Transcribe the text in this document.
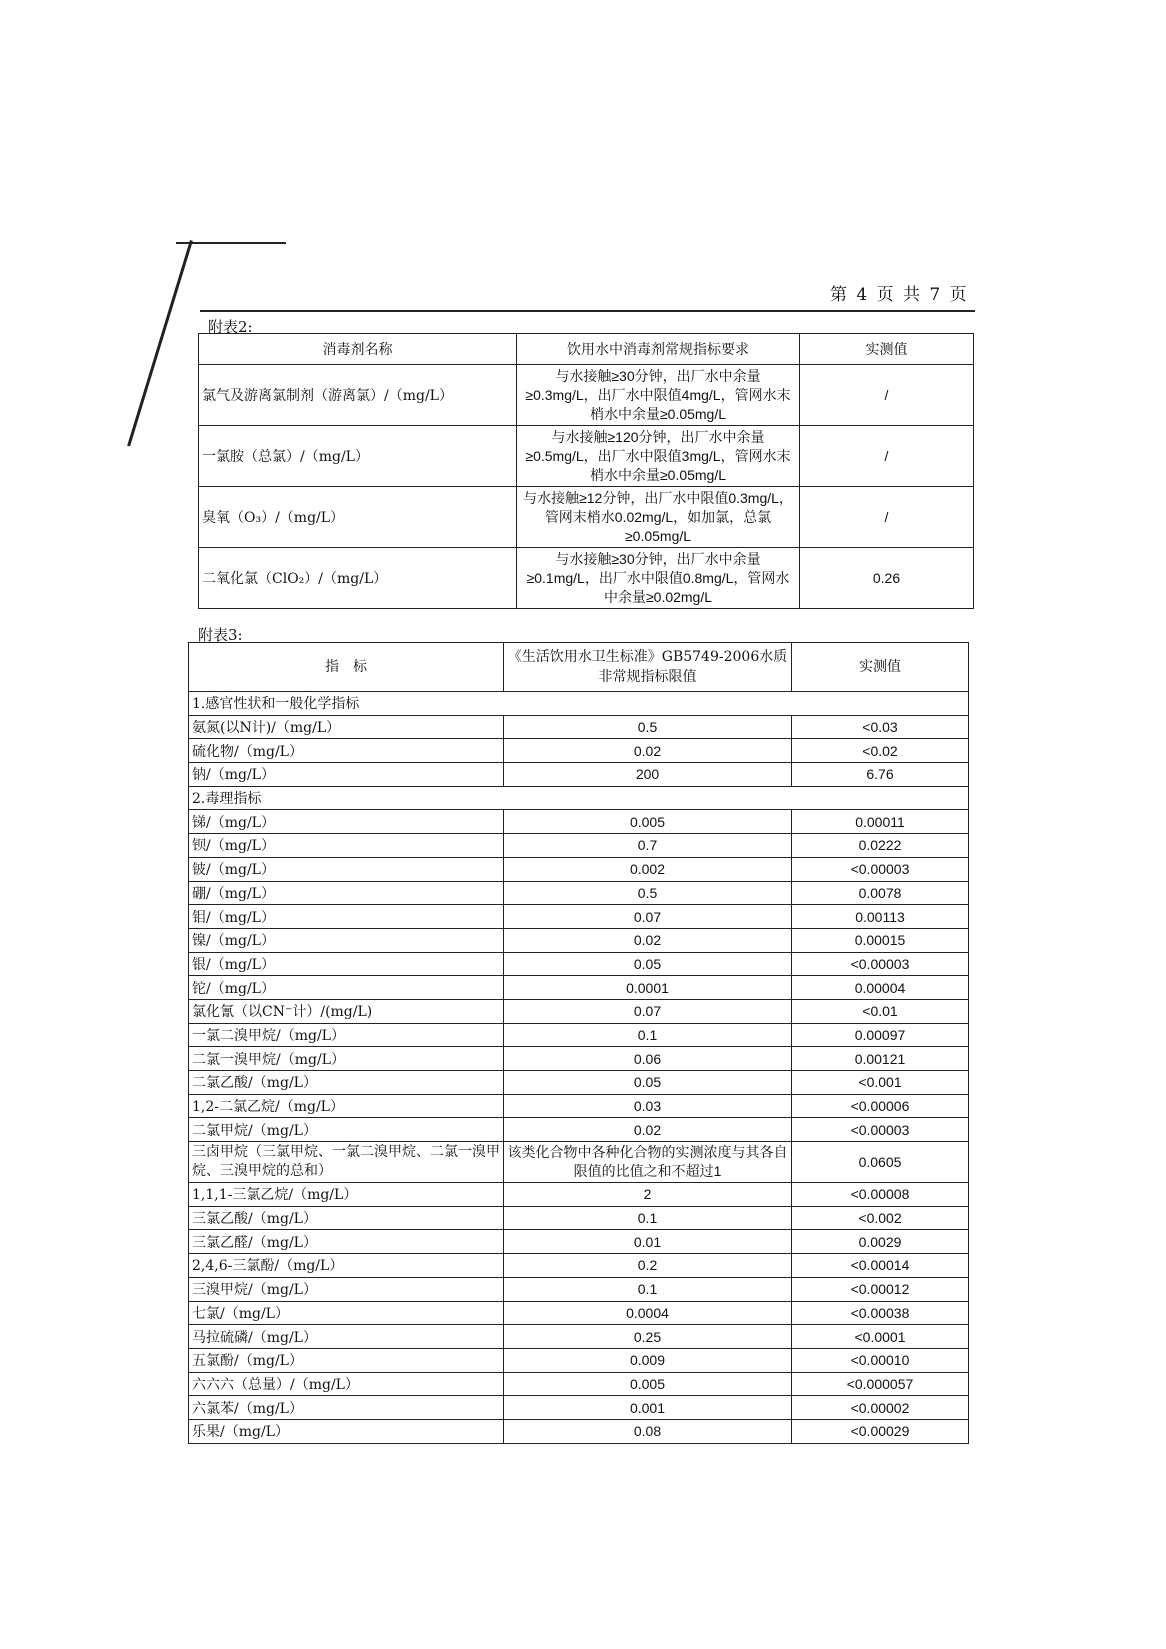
第 4 页 共 7 页
附表2:
消毒剂名称	饮用水中消毒剂常规指标要求	实测值
氯气及游离氯制剂（游离氯）/（mg/L）	与水接触≥30分钟，出厂水中余量≥0.3mg/L，出厂水中限值4mg/L，管网水末梢水中余量≥0.05mg/L	/
一氯胺（总氯）/（mg/L）	与水接触≥120分钟，出厂水中余量≥0.5mg/L，出厂水中限值3mg/L，管网水末梢水中余量≥0.05mg/L	/
臭氧（O₃）/（mg/L）	与水接触≥12分钟，出厂水中限值0.3mg/L，管网末梢水0.02mg/L，如加氯，总氯≥0.05mg/L	/
二氧化氯（ClO₂）/（mg/L）	与水接触≥30分钟，出厂水中余量≥0.1mg/L，出厂水中限值0.8mg/L，管网水中余量≥0.02mg/L	0.26
附表3:
指　标	《生活饮用水卫生标准》GB5749-2006水质非常规指标限值	实测值
1.感官性状和一般化学指标		
氨氮(以N计)/（mg/L）	0.5	<0.03
硫化物/（mg/L）	0.02	<0.02
钠/（mg/L）	200	6.76
2.毒理指标		
锑/（mg/L）	0.005	0.00011
钡/（mg/L）	0.7	0.0222
铍/（mg/L）	0.002	<0.00003
硼/（mg/L）	0.5	0.0078
钼/（mg/L）	0.07	0.00113
镍/（mg/L）	0.02	0.00015
银/（mg/L）	0.05	<0.00003
铊/（mg/L）	0.0001	0.00004
氯化氰（以CN⁻计）/(mg/L)	0.07	<0.01
一氯二溴甲烷/（mg/L）	0.1	0.00097
二氯一溴甲烷/（mg/L）	0.06	0.00121
二氯乙酸/（mg/L）	0.05	<0.001
1,2-二氯乙烷/（mg/L）	0.03	<0.00006
二氯甲烷/（mg/L）	0.02	<0.00003
三卤甲烷（三氯甲烷、一氯二溴甲烷、二氯一溴甲烷、三溴甲烷的总和）	该类化合物中各种化合物的实测浓度与其各自限值的比值之和不超过1	0.0605
1,1,1-三氯乙烷/（mg/L）	2	<0.00008
三氯乙酸/（mg/L）	0.1	<0.002
三氯乙醛/（mg/L）	0.01	0.0029
2,4,6-三氯酚/（mg/L）	0.2	<0.00014
三溴甲烷/（mg/L）	0.1	<0.00012
七氯/（mg/L）	0.0004	<0.00038
马拉硫磷/（mg/L）	0.25	<0.0001
五氯酚/（mg/L）	0.009	<0.00010
六六六（总量）/（mg/L）	0.005	<0.000057
六氯苯/（mg/L）	0.001	<0.00002
乐果/（mg/L）	0.08	<0.00029
